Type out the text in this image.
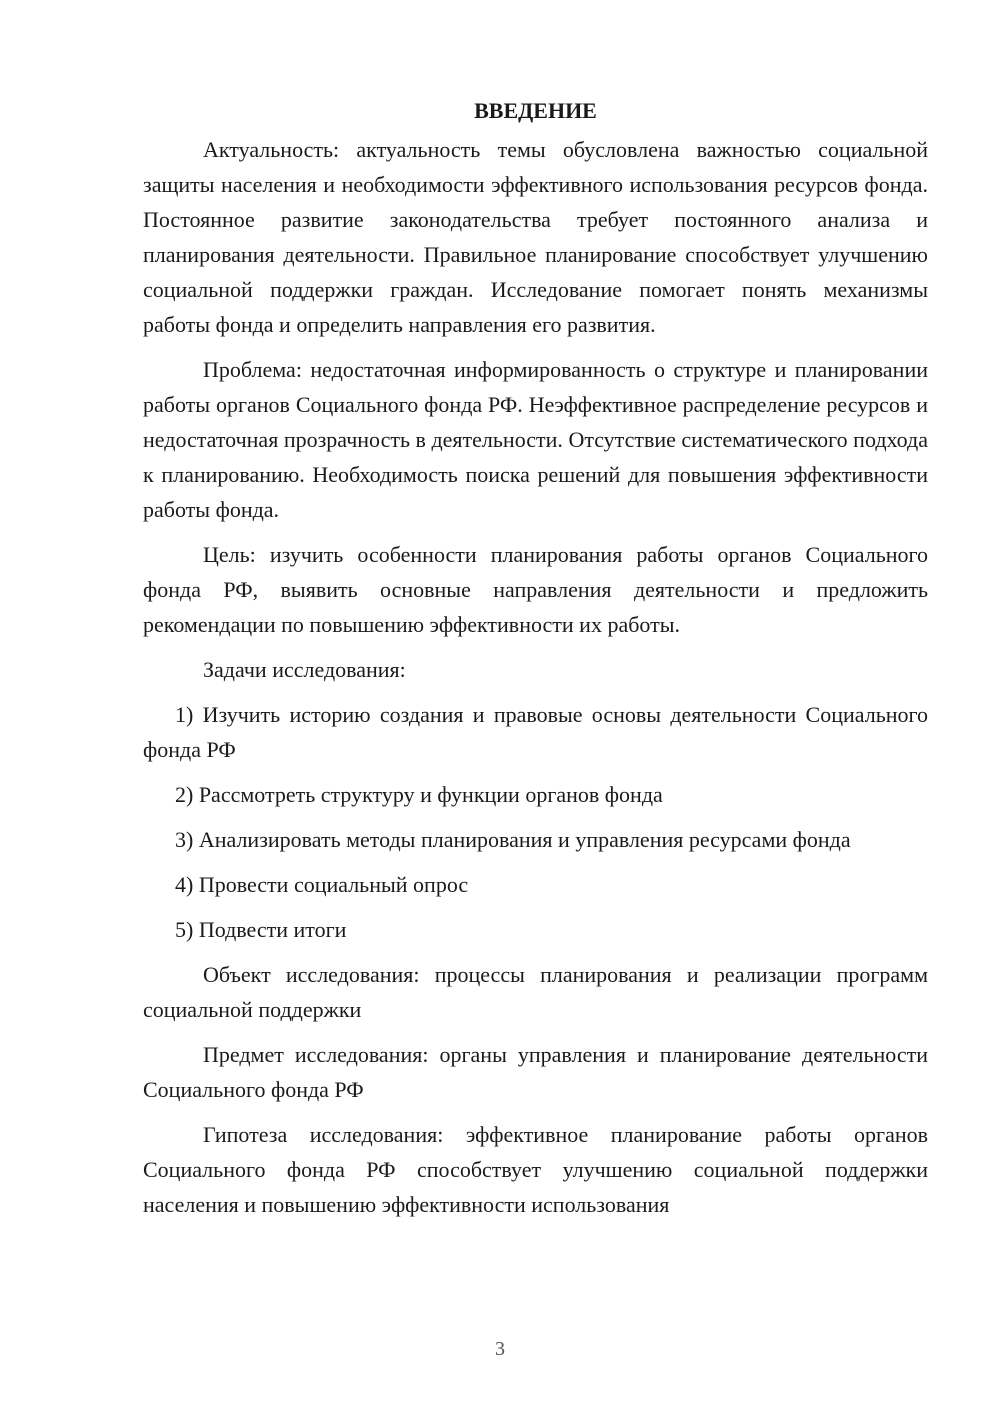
ВВЕДЕНИЕ

Актуальность: актуальность темы обусловлена важностью социальной защиты населения и необходимости эффективного использования ресурсов фонда. Постоянное развитие законодательства требует постоянного анализа и планирования деятельности. Правильное планирование способствует улучшению социальной поддержки граждан. Исследование помогает понять механизмы работы фонда и определить направления его развития.

Проблема: недостаточная информированность о структуре и планировании работы органов Социального фонда РФ. Неэффективное распределение ресурсов и недостаточная прозрачность в деятельности. Отсутствие систематического подхода к планированию. Необходимость поиска решений для повышения эффективности работы фонда.

Цель: изучить особенности планирования работы органов Социального фонда РФ, выявить основные направления деятельности и предложить рекомендации по повышению эффективности их работы.

Задачи исследования:

1) Изучить историю создания и правовые основы деятельности Социального фонда РФ

2) Рассмотреть структуру и функции органов фонда

3) Анализировать методы планирования и управления ресурсами фонда

4) Провести социальный опрос

5) Подвести итоги

Объект исследования: процессы планирования и реализации программ социальной поддержки

Предмет исследования: органы управления и планирование деятельности Социального фонда РФ

Гипотеза исследования: эффективное планирование работы органов Социального фонда РФ способствует улучшению социальной поддержки населения и повышению эффективности использования

3
